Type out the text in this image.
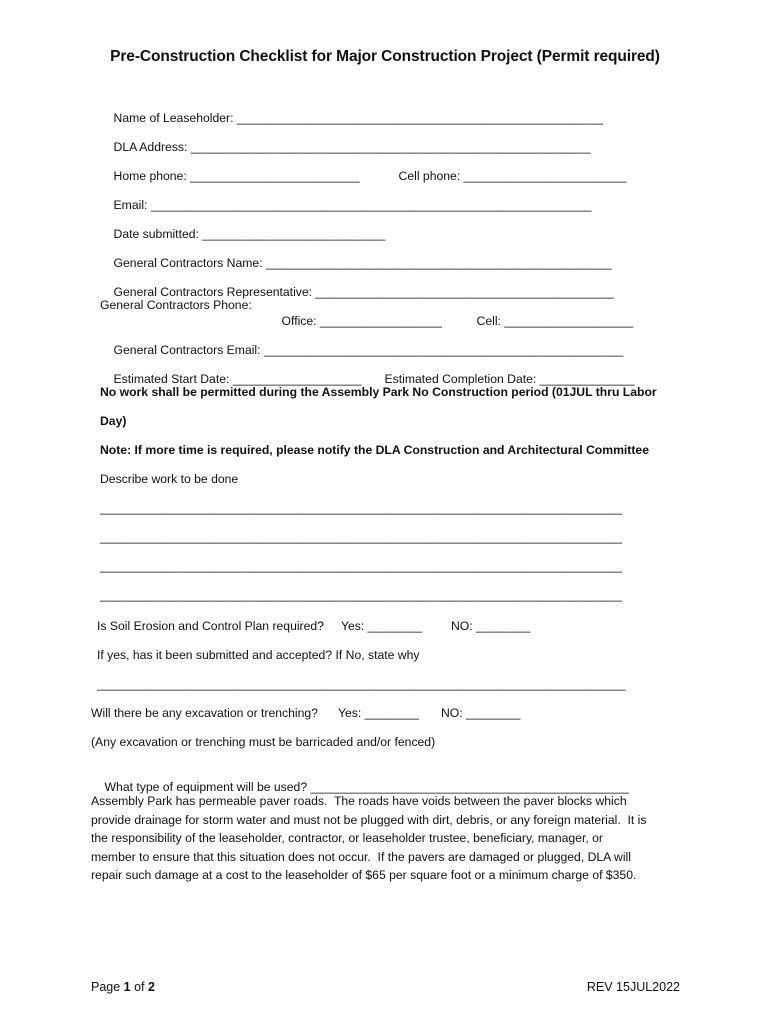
Pre-Construction Checklist for Major Construction Project (Permit required)

Name of Leaseholder: ______________________________________________________

DLA Address: ___________________________________________________________

Home phone: _________________________
	Cell phone: ________________________

Email: _________________________________________________________________

Date submitted: ___________________________

General Contractors Name: ___________________________________________________

General Contractors Representative: ____________________________________________

General Contractors Phone:

Office: __________________
	Cell: ___________________

General Contractors Email: _____________________________________________________

Estimated Start Date: ___________________
	Estimated Completion Date: ______________

No work shall be permitted during the Assembly Park No Construction period (01JUL thru Labor
Day)
Note: If more time is required, please notify the DLA Construction and Architectural Committee
Describe work to be done
_____________________________________________________________________________
_____________________________________________________________________________
_____________________________________________________________________________
_____________________________________________________________________________
Is Soil Erosion and Control Plan required? Yes: ________ NO: ________
If yes, has it been submitted and accepted? If No, state why
______________________________________________________________________________
Will there be any excavation or trenching? Yes: ________ NO: ________
(Any excavation or trenching must be barricaded and/or fenced)

What type of equipment will be used? _______________________________________________

Assembly Park has permeable paver roads.  The roads have voids between the paver blocks which
provide drainage for storm water and must not be plugged with dirt, debris, or any foreign material.  It is
the responsibility of the leaseholder, contractor, or leaseholder trustee, beneficiary, manager, or
member to ensure that this situation does not occur.  If the pavers are damaged or plugged, DLA will
repair such damage at a cost to the leaseholder of $65 per square foot or a minimum charge of $350.
Page 1 of 2	REV 15JUL2022
